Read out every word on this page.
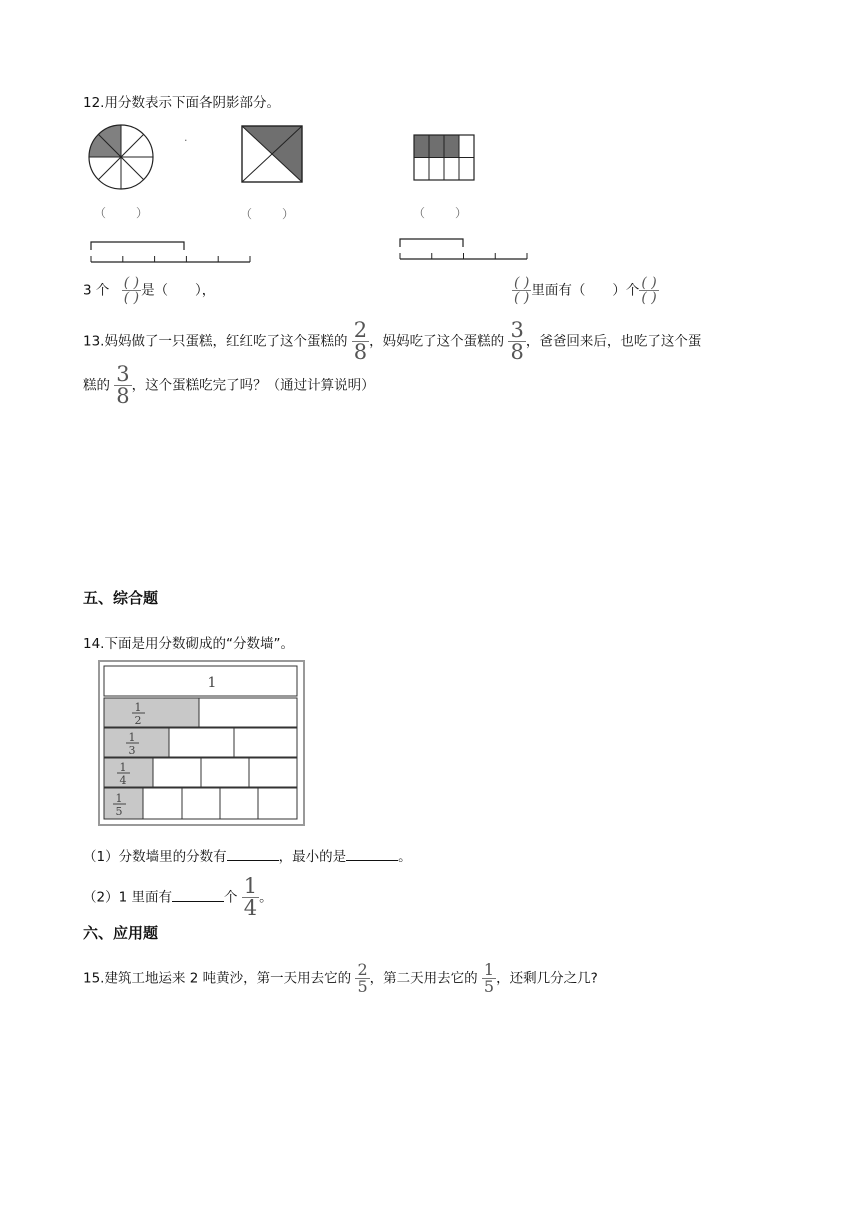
12.用分数表示下面各阴影部分。
·
（　　）	（　　）	（　　）
3 个 $\frac{( )}{( )}$ 是（　　），	$\frac{( )}{( )}$ 里面有（　　）个 $\frac{( )}{( )}$
13.妈妈做了一只蛋糕，红红吃了这个蛋糕的 $\frac{2}{8}$ ，妈妈吃了这个蛋糕的 $\frac{3}{8}$ ，爸爸回来后，也吃了这个蛋
糕的 $\frac{3}{8}$ ，这个蛋糕吃完了吗？（通过计算说明）
五、综合题
14.下面是用分数砌成的“分数墙”。
1
1
2
1
3
1
4
1
5
（1）分数墙里的分数有	，最小的是	。
（2）1 里面有	个 $\frac{1}{4}$ 。
六、应用题
15.建筑工地运来 2 吨黄沙，第一天用去它的 $\frac{2}{5}$ ，第二天用去它的 $\frac{1}{5}$ ，还剩几分之几?
